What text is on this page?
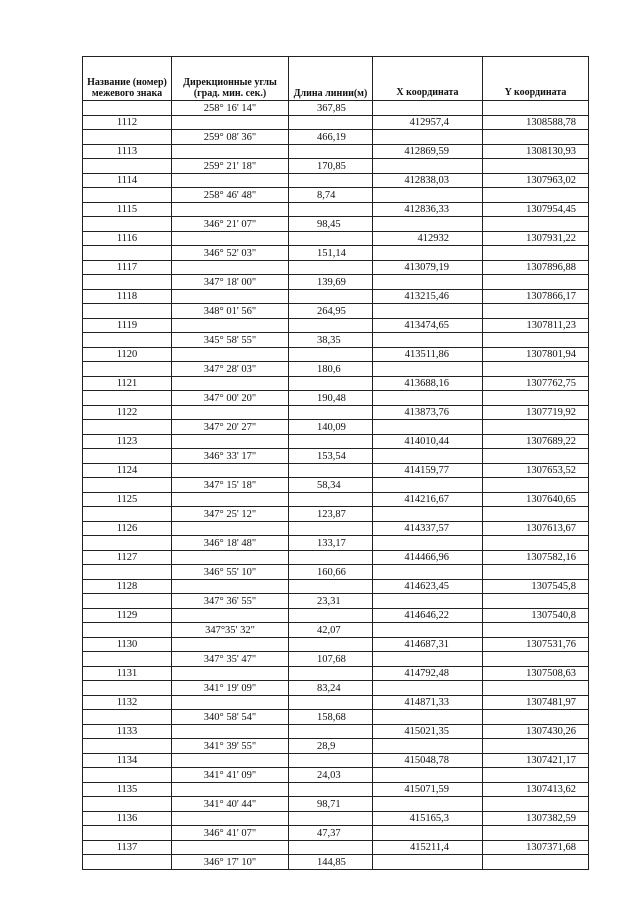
Название (номер) межевого знака	Дирекционные углы (град. мин. сек.)	Длина линии(м)	X координата	Y координата
	258° 16' 14"	367,85		
1112			412957,4	1308588,78
	259° 08' 36"	466,19		
1113			412869,59	1308130,93
	259° 21' 18"	170,85		
1114			412838,03	1307963,02
	258° 46' 48"	8,74		
1115			412836,33	1307954,45
	346° 21' 07"	98,45		
1116			412932	1307931,22
	346° 52' 03"	151,14		
1117			413079,19	1307896,88
	347° 18' 00"	139,69		
1118			413215,46	1307866,17
	348° 01' 56"	264,95		
1119			413474,65	1307811,23
	345° 58' 55"	38,35		
1120			413511,86	1307801,94
	347° 28' 03"	180,6		
1121			413688,16	1307762,75
	347° 00' 20"	190,48		
1122			413873,76	1307719,92
	347° 20' 27"	140,09		
1123			414010,44	1307689,22
	346° 33' 17"	153,54		
1124			414159,77	1307653,52
	347° 15' 18"	58,34		
1125			414216,67	1307640,65
	347° 25' 12"	123,87		
1126			414337,57	1307613,67
	346° 18' 48"	133,17		
1127			414466,96	1307582,16
	346° 55' 10"	160,66		
1128			414623,45	1307545,8
	347° 36' 55"	23,31		
1129			414646,22	1307540,8
	347°35' 32"	42,07		
1130			414687,31	1307531,76
	347° 35' 47"	107,68		
1131			414792,48	1307508,63
	341° 19' 09"	83,24		
1132			414871,33	1307481,97
	340° 58' 54"	158,68		
1133			415021,35	1307430,26
	341° 39' 55"	28,9		
1134			415048,78	1307421,17
	341° 41' 09"	24,03		
1135			415071,59	1307413,62
	341° 40' 44"	98,71		
1136			415165,3	1307382,59
	346° 41' 07"	47,37		
1137			415211,4	1307371,68
	346° 17' 10"	144,85		
